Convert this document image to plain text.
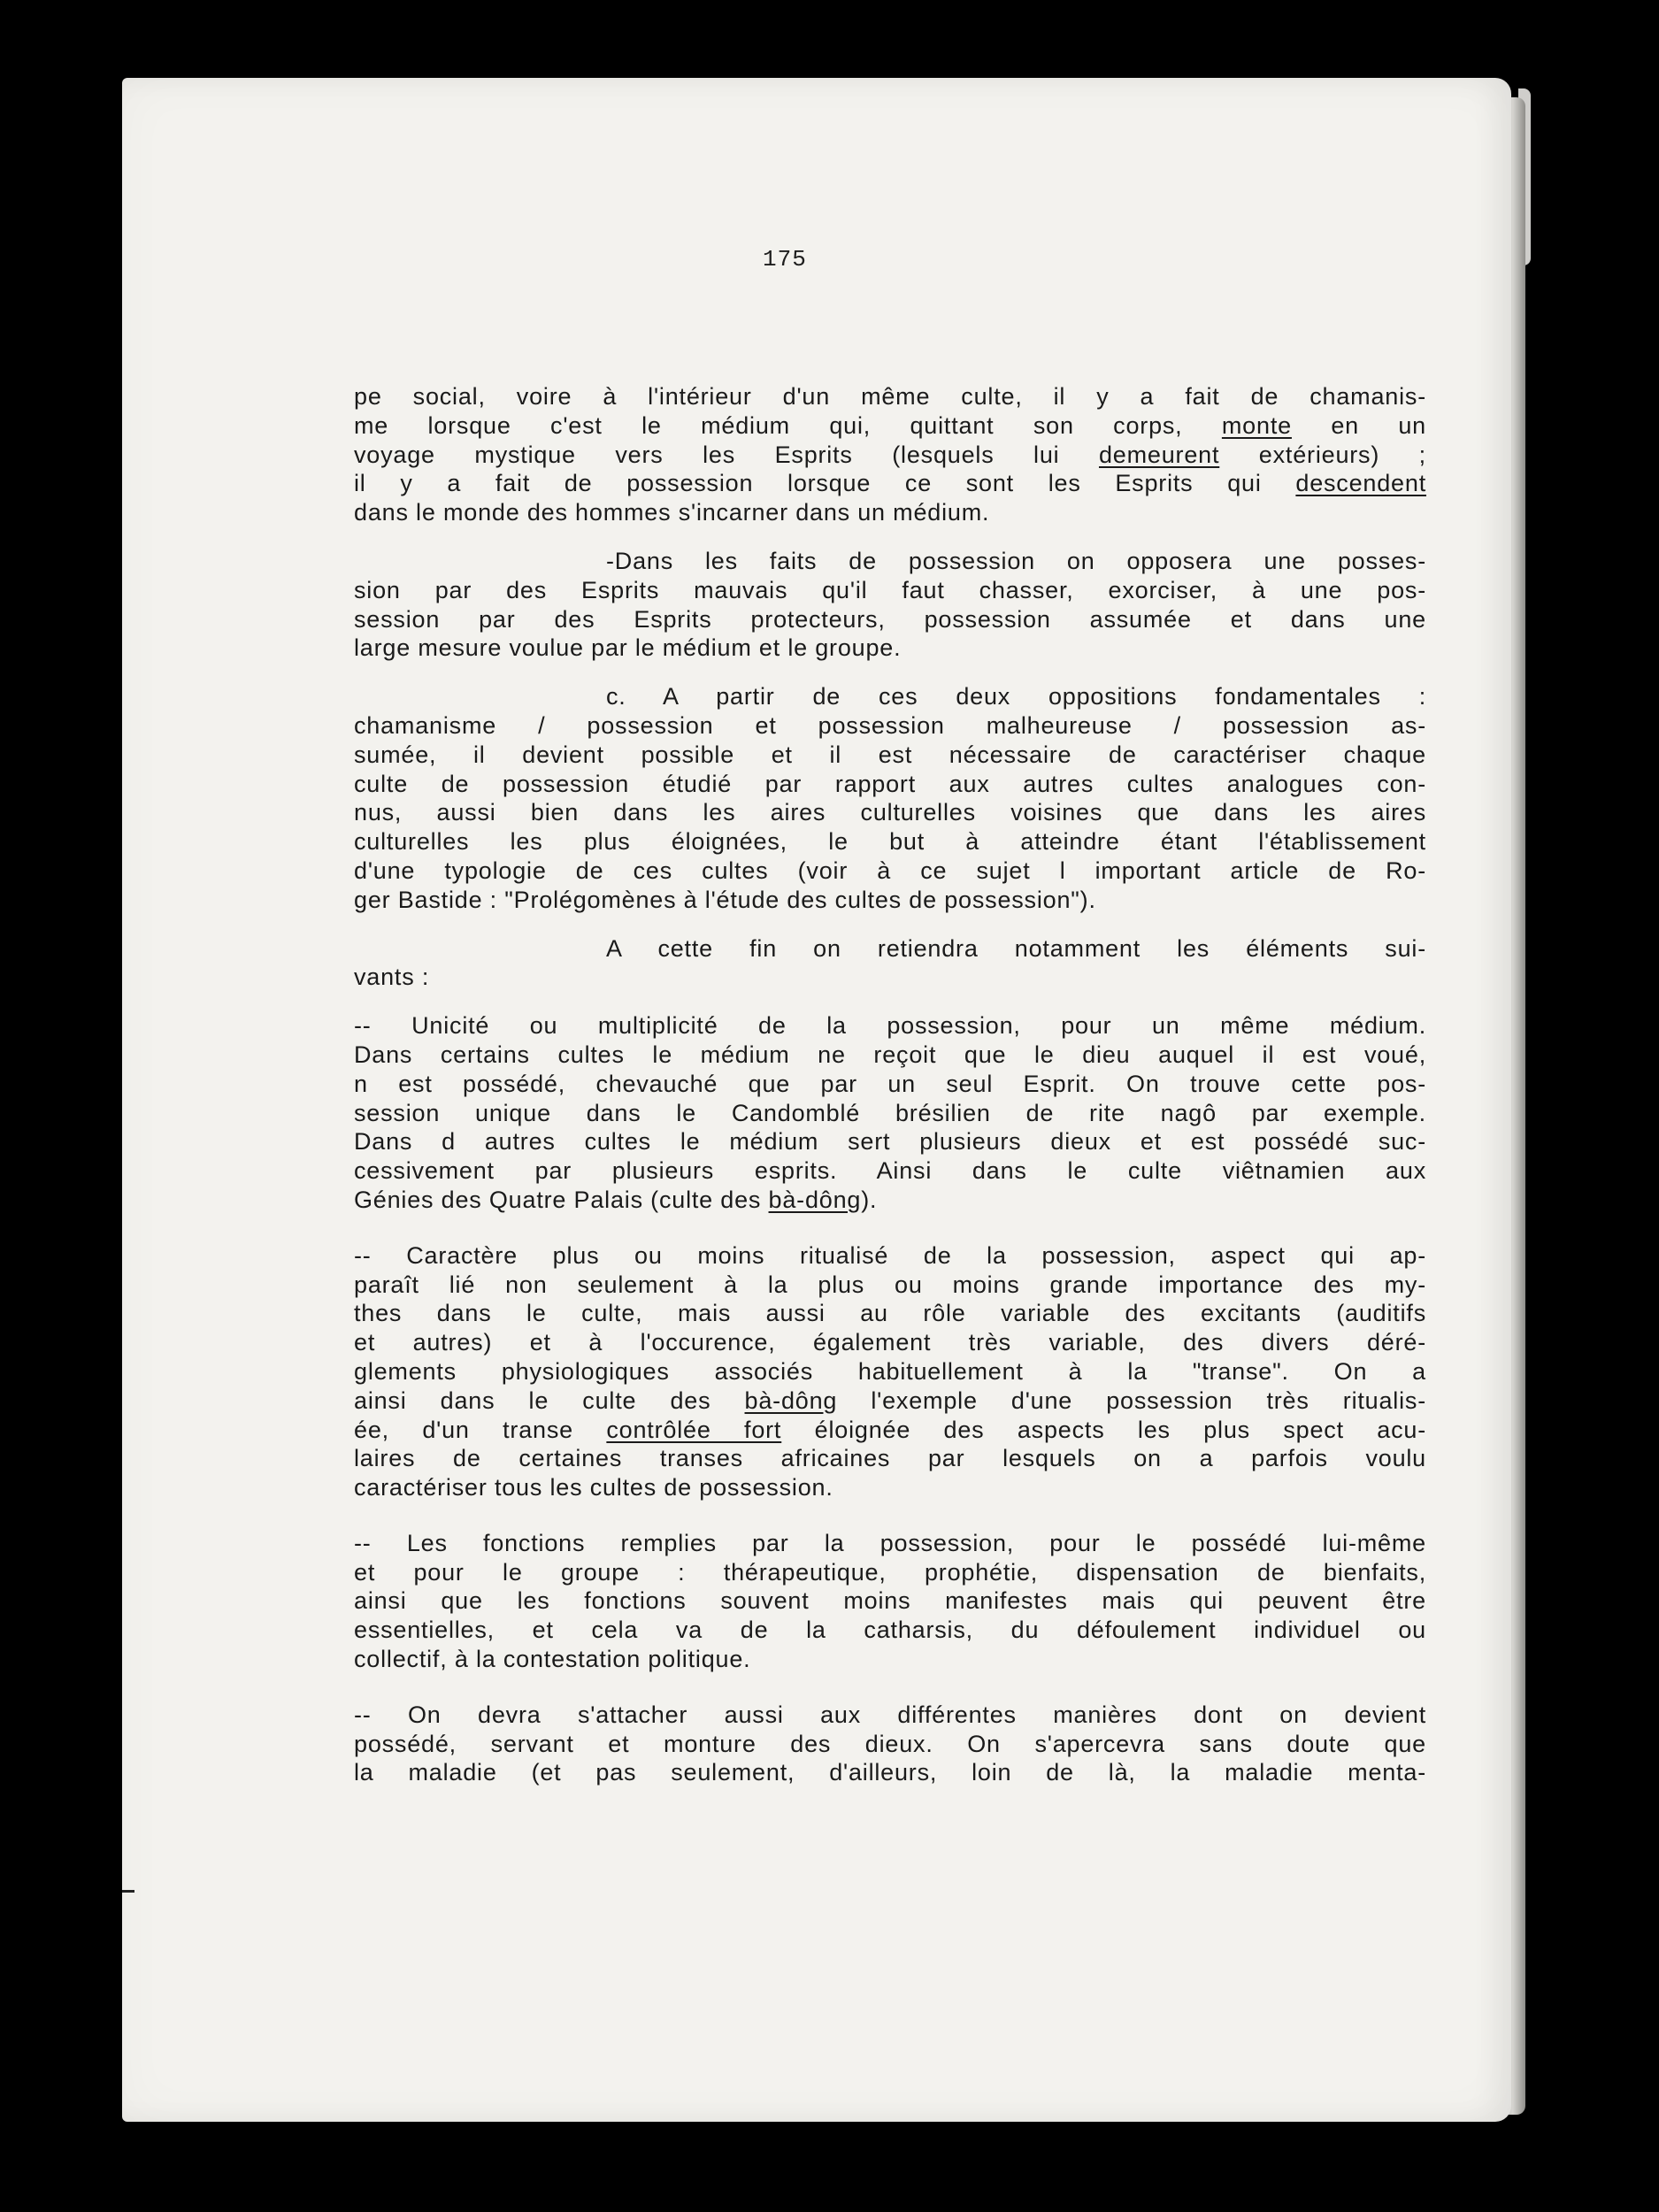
175

pe social, voire à l'intérieur d'un même culte, il y a fait de chamanis-
me lorsque c'est le médium qui, quittant son corps, monte en un
voyage mystique vers les Esprits (lesquels lui demeurent extérieurs) ;
il y a fait de possession lorsque ce sont les Esprits qui descendent
dans le monde des hommes s'incarner dans un médium.

-Dans les faits de possession on opposera une posses-
sion par des Esprits mauvais qu'il faut chasser, exorciser, à une pos-
session par des Esprits protecteurs, possession assumée et dans une
large mesure voulue par le médium et le groupe.

c. A partir de ces deux oppositions fondamentales :
chamanisme / possession et possession malheureuse / possession as-
sumée, il devient possible et il est nécessaire de caractériser chaque
culte de possession étudié par rapport aux autres cultes analogues con-
nus, aussi bien dans les aires culturelles voisines que dans les aires
culturelles les plus éloignées, le but à atteindre étant l'établissement
d'une typologie de ces cultes (voir à ce sujet l important article de Ro-
ger Bastide : "Prolégomènes à l'étude des cultes de possession").

A cette fin on retiendra notamment les éléments sui-
vants :

-- Unicité ou multiplicité de la possession, pour un même médium.
Dans certains cultes le médium ne reçoit que le dieu auquel il est voué,
n est possédé, chevauché que par un seul Esprit. On trouve cette pos-
session unique dans le Candomblé brésilien de rite nagô par exemple.
Dans d autres cultes le médium sert plusieurs dieux et est possédé suc-
cessivement par plusieurs esprits. Ainsi dans le culte viêtnamien aux
Génies des Quatre Palais (culte des bà-dông).

-- Caractère plus ou moins ritualisé de la possession, aspect qui ap-
paraît lié non seulement à la plus ou moins grande importance des my-
thes dans le culte, mais aussi au rôle variable des excitants (auditifs
et autres) et à l'occurence, également très variable, des divers déré-
glements physiologiques associés habituellement à la "transe". On a
ainsi dans le culte des bà-dông l'exemple d'une possession très ritualis-
ée, d'un transe contrôlée fort éloignée des aspects les plus spect acu-
laires de certaines transes africaines par lesquels on a parfois voulu
caractériser tous les cultes de possession.

-- Les fonctions remplies par la possession, pour le possédé lui-même
et pour le groupe : thérapeutique, prophétie, dispensation de bienfaits,
ainsi que les fonctions souvent moins manifestes mais qui peuvent être
essentielles, et cela va de la catharsis, du défoulement individuel ou
collectif, à la contestation politique.

-- On devra s'attacher aussi aux différentes manières dont on devient
possédé, servant et monture des dieux. On s'apercevra sans doute que
la maladie (et pas seulement, d'ailleurs, loin de là, la maladie menta-
